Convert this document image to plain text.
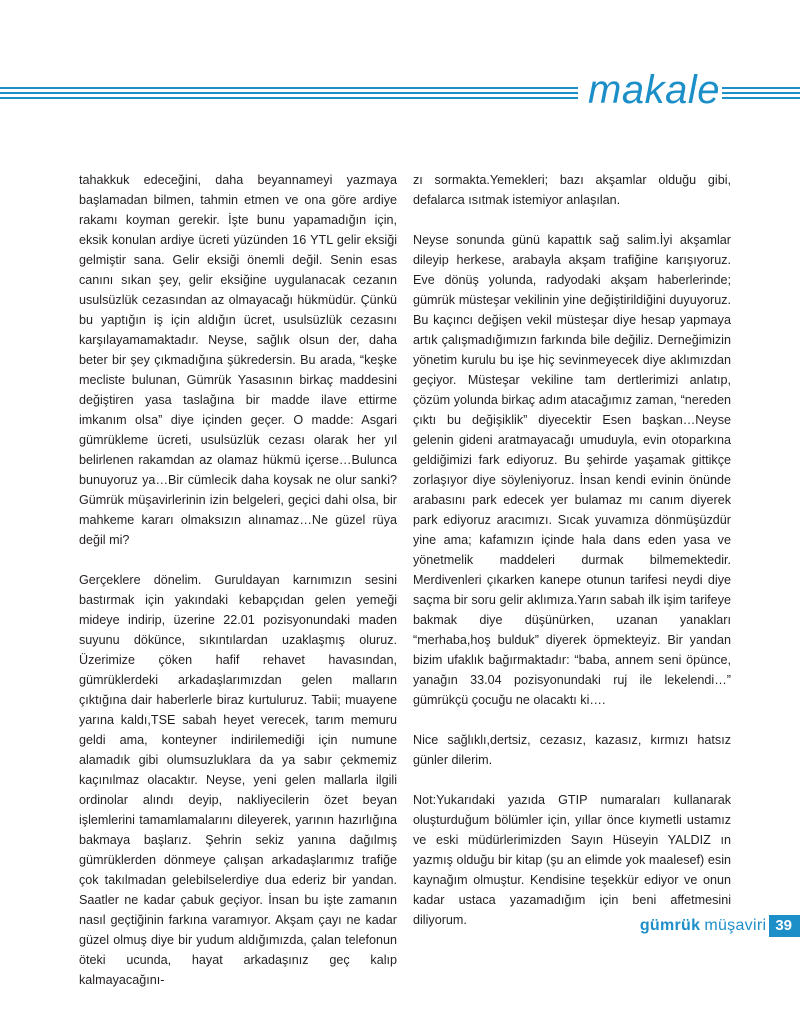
makale

tahakkuk edeceğini, daha beyannameyi yazmaya başlamadan bilmen, tahmin etmen ve ona göre ardiye rakamı koyman gerekir. İşte bunu yapamadığın için, eksik konulan ardiye ücreti yüzünden 16 YTL gelir eksiği gelmiştir sana. Gelir eksiği önemli değil. Senin esas canını sıkan şey, gelir eksiğine uygulanacak cezanın usulsüzlük cezasından az olmayacağı hükmüdür. Çünkü bu yaptığın iş için aldığın ücret, usulsüzlük cezasını karşılayamamaktadır. Neyse, sağlık olsun der, daha beter bir şey çıkmadığına şükredersin. Bu arada, “keşke mecliste bulunan, Gümrük Yasasının birkaç maddesini değiştiren yasa taslağına bir madde ilave ettirme imkanım olsa” diye içinden geçer. O madde: Asgari gümrükleme ücreti, usulsüzlük cezası olarak her yıl belirlenen rakamdan az olamaz hükmü içerse…Bulunca bunuyoruz ya…Bir cümlecik daha koysak ne olur sanki? Gümrük müşavirlerinin izin belgeleri, geçici dahi olsa, bir mahkeme kararı olmaksızın alınamaz…Ne güzel rüya değil mi?

Gerçeklere dönelim. Guruldayan karnımızın sesini bastırmak için yakındaki kebapçıdan gelen yemeği mideye indirip, üzerine 22.01 pozisyonundaki maden suyunu dökünce, sıkıntılardan uzaklaşmış oluruz. Üzerimize çöken hafif rehavet havasından, gümrüklerdeki arkadaşlarımızdan gelen malların çıktığına dair haberlerle biraz kurtuluruz. Tabii; muayene yarına kaldı,TSE sabah heyet verecek, tarım memuru geldi ama, konteyner indirilemediği için numune alamadık gibi olumsuzluklara da ya sabır çekmemiz kaçınılmaz olacaktır. Neyse, yeni gelen mallarla ilgili ordinolar alındı deyip, nakliyecilerin özet beyan işlemlerini tamamlamalarını dileyerek, yarının hazırlığına bakmaya başlarız. Şehrin sekiz yanına dağılmış gümrüklerden dönmeye çalışan arkadaşlarımız trafiğe çok takılmadan gelebilselerdiye dua ederiz bir yandan. Saatler ne kadar çabuk geçiyor. İnsan bu işte zamanın nasıl geçtiğinin farkına varamıyor. Akşam çayı ne kadar güzel olmuş diye bir yudum aldığımızda, çalan telefonun öteki ucunda, hayat arkadaşınız geç kalıp kalmayacağını-

zı sormakta.Yemekleri; bazı akşamlar olduğu gibi, defalarca ısıtmak istemiyor anlaşılan.

Neyse sonunda günü kapattık sağ salim.İyi akşamlar dileyip herkese, arabayla akşam trafiğine karışıyoruz. Eve dönüş yolunda, radyodaki akşam haberlerinde; gümrük müsteşar vekilinin yine değiştirildiğini duyuyoruz. Bu kaçıncı değişen vekil müsteşar diye hesap yapmaya artık çalışmadığımızın farkında bile değiliz. Derneğimizin yönetim kurulu bu işe hiç sevinmeyecek diye aklımızdan geçiyor. Müsteşar vekiline tam dertlerimizi anlatıp, çözüm yolunda birkaç adım atacağımız zaman, “nereden çıktı bu değişiklik” diyecektir Esen başkan…Neyse gelenin gideni aratmayacağı umuduyla, evin otoparkına geldiğimizi fark ediyoruz. Bu şehirde yaşamak gittikçe zorlaşıyor diye söyleniyoruz. İnsan kendi evinin önünde arabasını park edecek yer bulamaz mı canım diyerek park ediyoruz aracımızı. Sıcak yuvamıza dönmüşüzdür yine ama; kafamızın içinde hala dans eden yasa ve yönetmelik maddeleri durmak bilmemektedir. Merdivenleri çıkarken kanepe otunun tarifesi neydi diye saçma bir soru gelir aklımıza.Yarın sabah ilk işim tarifeye bakmak diye düşünürken, uzanan yanakları “merhaba,hoş bulduk” diyerek öpmekteyiz. Bir yandan bizim ufaklık bağırmaktadır: “baba, annem seni öpünce, yanağın 33.04 pozisyonundaki ruj ile lekelendi…” gümrükçü çocuğu ne olacaktı ki….

Nice sağlıklı,dertsiz, cezasız, kazasız, kırmızı hatsız günler dilerim.

Not:Yukarıdaki yazıda GTIP numaraları kullanarak oluşturduğum bölümler için, yıllar önce kıymetli ustamız ve eski müdürlerimizden Sayın Hüseyin YALDIZ ın yazmış olduğu bir kitap (şu an elimde yok maalesef) esin kaynağım olmuştur. Kendisine teşekkür ediyor ve onun kadar ustaca yazamadığım için beni affetmesini diliyorum.	gümrük müşaviri 39
